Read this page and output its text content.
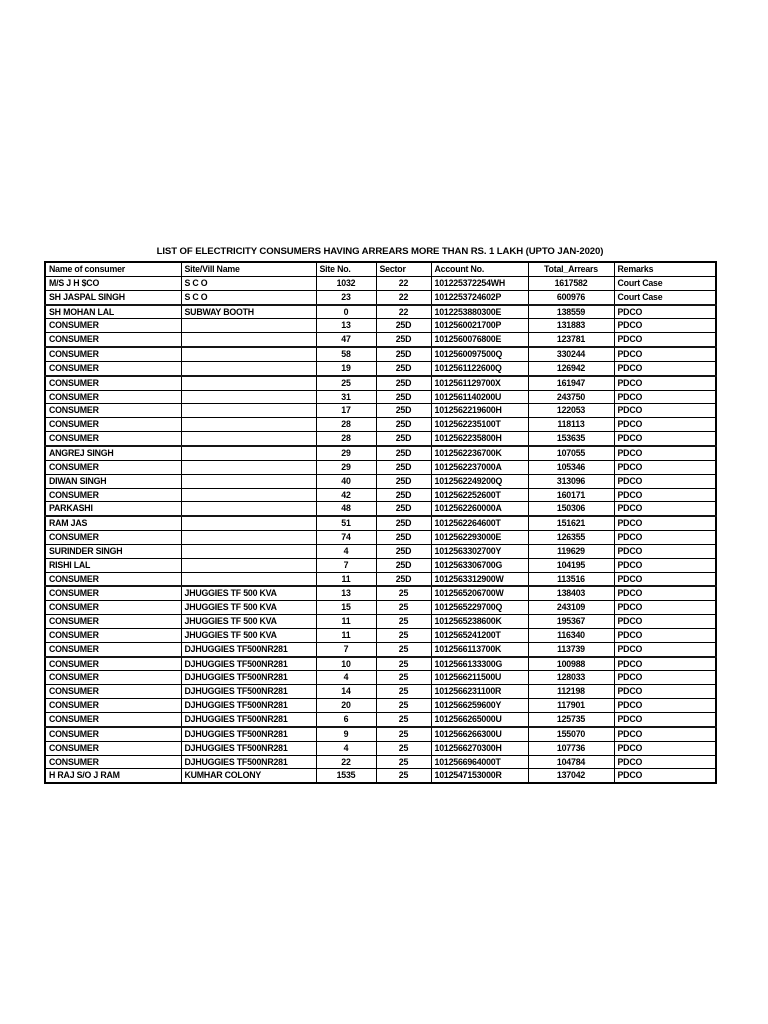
LIST OF ELECTRICITY CONSUMERS HAVING ARREARS MORE THAN RS. 1 LAKH (UPTO JAN-2020)
Name of consumer	Site/Vill Name	Site No.	Sector	Account No.	Total_Arrears	Remarks
M/S J H $CO	S C O	1032	22	101225372254WH	1617582	Court Case
SH JASPAL SINGH	S C O	23	22	1012253724602P	600976	Court Case
SH MOHAN LAL	SUBWAY BOOTH	0	22	1012253880300E	138559	PDCO
CONSUMER		13	25D	1012560021700P	131883	PDCO
CONSUMER		47	25D	1012560076800E	123781	PDCO
CONSUMER		58	25D	1012560097500Q	330244	PDCO
CONSUMER		19	25D	1012561122600Q	126942	PDCO
CONSUMER		25	25D	1012561129700X	161947	PDCO
CONSUMER		31	25D	1012561140200U	243750	PDCO
CONSUMER		17	25D	1012562219600H	122053	PDCO
CONSUMER		28	25D	1012562235100T	118113	PDCO
CONSUMER		28	25D	1012562235800H	153635	PDCO
ANGREJ SINGH		29	25D	1012562236700K	107055	PDCO
CONSUMER		29	25D	1012562237000A	105346	PDCO
DIWAN SINGH		40	25D	1012562249200Q	313096	PDCO
CONSUMER		42	25D	1012562252600T	160171	PDCO
PARKASHI		48	25D	1012562260000A	150306	PDCO
RAM JAS		51	25D	1012562264600T	151621	PDCO
CONSUMER		74	25D	1012562293000E	126355	PDCO
SURINDER SINGH		4	25D	1012563302700Y	119629	PDCO
RISHI LAL		7	25D	1012563306700G	104195	PDCO
CONSUMER		11	25D	1012563312900W	113516	PDCO
CONSUMER	JHUGGIES TF 500 KVA	13	25	1012565206700W	138403	PDCO
CONSUMER	JHUGGIES TF 500 KVA	15	25	1012565229700Q	243109	PDCO
CONSUMER	JHUGGIES TF 500 KVA	11	25	1012565238600K	195367	PDCO
CONSUMER	JHUGGIES TF 500 KVA	11	25	1012565241200T	116340	PDCO
CONSUMER	DJHUGGIES TF500NR281	7	25	1012566113700K	113739	PDCO
CONSUMER	DJHUGGIES TF500NR281	10	25	1012566133300G	100988	PDCO
CONSUMER	DJHUGGIES TF500NR281	4	25	1012566211500U	128033	PDCO
CONSUMER	DJHUGGIES TF500NR281	14	25	1012566231100R	112198	PDCO
CONSUMER	DJHUGGIES TF500NR281	20	25	1012566259600Y	117901	PDCO
CONSUMER	DJHUGGIES TF500NR281	6	25	1012566265000U	125735	PDCO
CONSUMER	DJHUGGIES TF500NR281	9	25	1012566266300U	155070	PDCO
CONSUMER	DJHUGGIES TF500NR281	4	25	1012566270300H	107736	PDCO
CONSUMER	DJHUGGIES TF500NR281	22	25	1012566964000T	104784	PDCO
H RAJ S/O J RAM	KUMHAR COLONY	1535	25	1012547153000R	137042	PDCO
